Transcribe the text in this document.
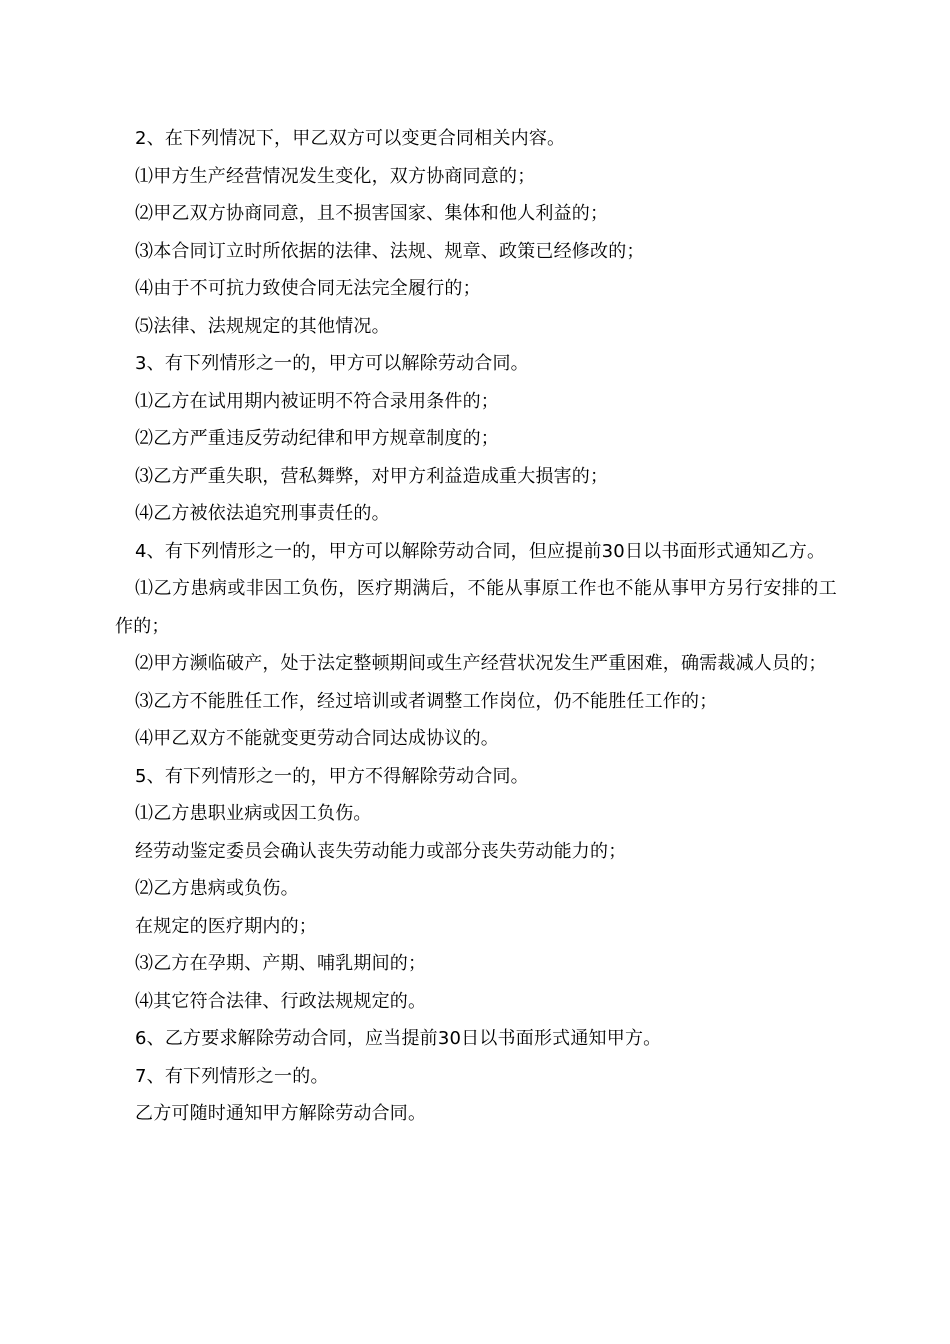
2、在下列情况下，甲乙双方可以变更合同相关内容。

⑴甲方生产经营情况发生变化，双方协商同意的；

⑵甲乙双方协商同意，且不损害国家、集体和他人利益的；

⑶本合同订立时所依据的法律、法规、规章、政策已经修改的；

⑷由于不可抗力致使合同无法完全履行的；

⑸法律、法规规定的其他情况。

3、有下列情形之一的，甲方可以解除劳动合同。

⑴乙方在试用期内被证明不符合录用条件的；

⑵乙方严重违反劳动纪律和甲方规章制度的；

⑶乙方严重失职，营私舞弊，对甲方利益造成重大损害的；

⑷乙方被依法追究刑事责任的。

4、有下列情形之一的，甲方可以解除劳动合同，但应提前30日以书面形式通知乙方。

⑴乙方患病或非因工负伤，医疗期满后，不能从事原工作也不能从事甲方另行安排的工作的；

⑵甲方濒临破产，处于法定整顿期间或生产经营状况发生严重困难，确需裁减人员的；

⑶乙方不能胜任工作，经过培训或者调整工作岗位，仍不能胜任工作的；

⑷甲乙双方不能就变更劳动合同达成协议的。

5、有下列情形之一的，甲方不得解除劳动合同。

⑴乙方患职业病或因工负伤。

经劳动鉴定委员会确认丧失劳动能力或部分丧失劳动能力的；

⑵乙方患病或负伤。

在规定的医疗期内的；

⑶乙方在孕期、产期、哺乳期间的；

⑷其它符合法律、行政法规规定的。

6、乙方要求解除劳动合同，应当提前30日以书面形式通知甲方。

7、有下列情形之一的。

乙方可随时通知甲方解除劳动合同。
